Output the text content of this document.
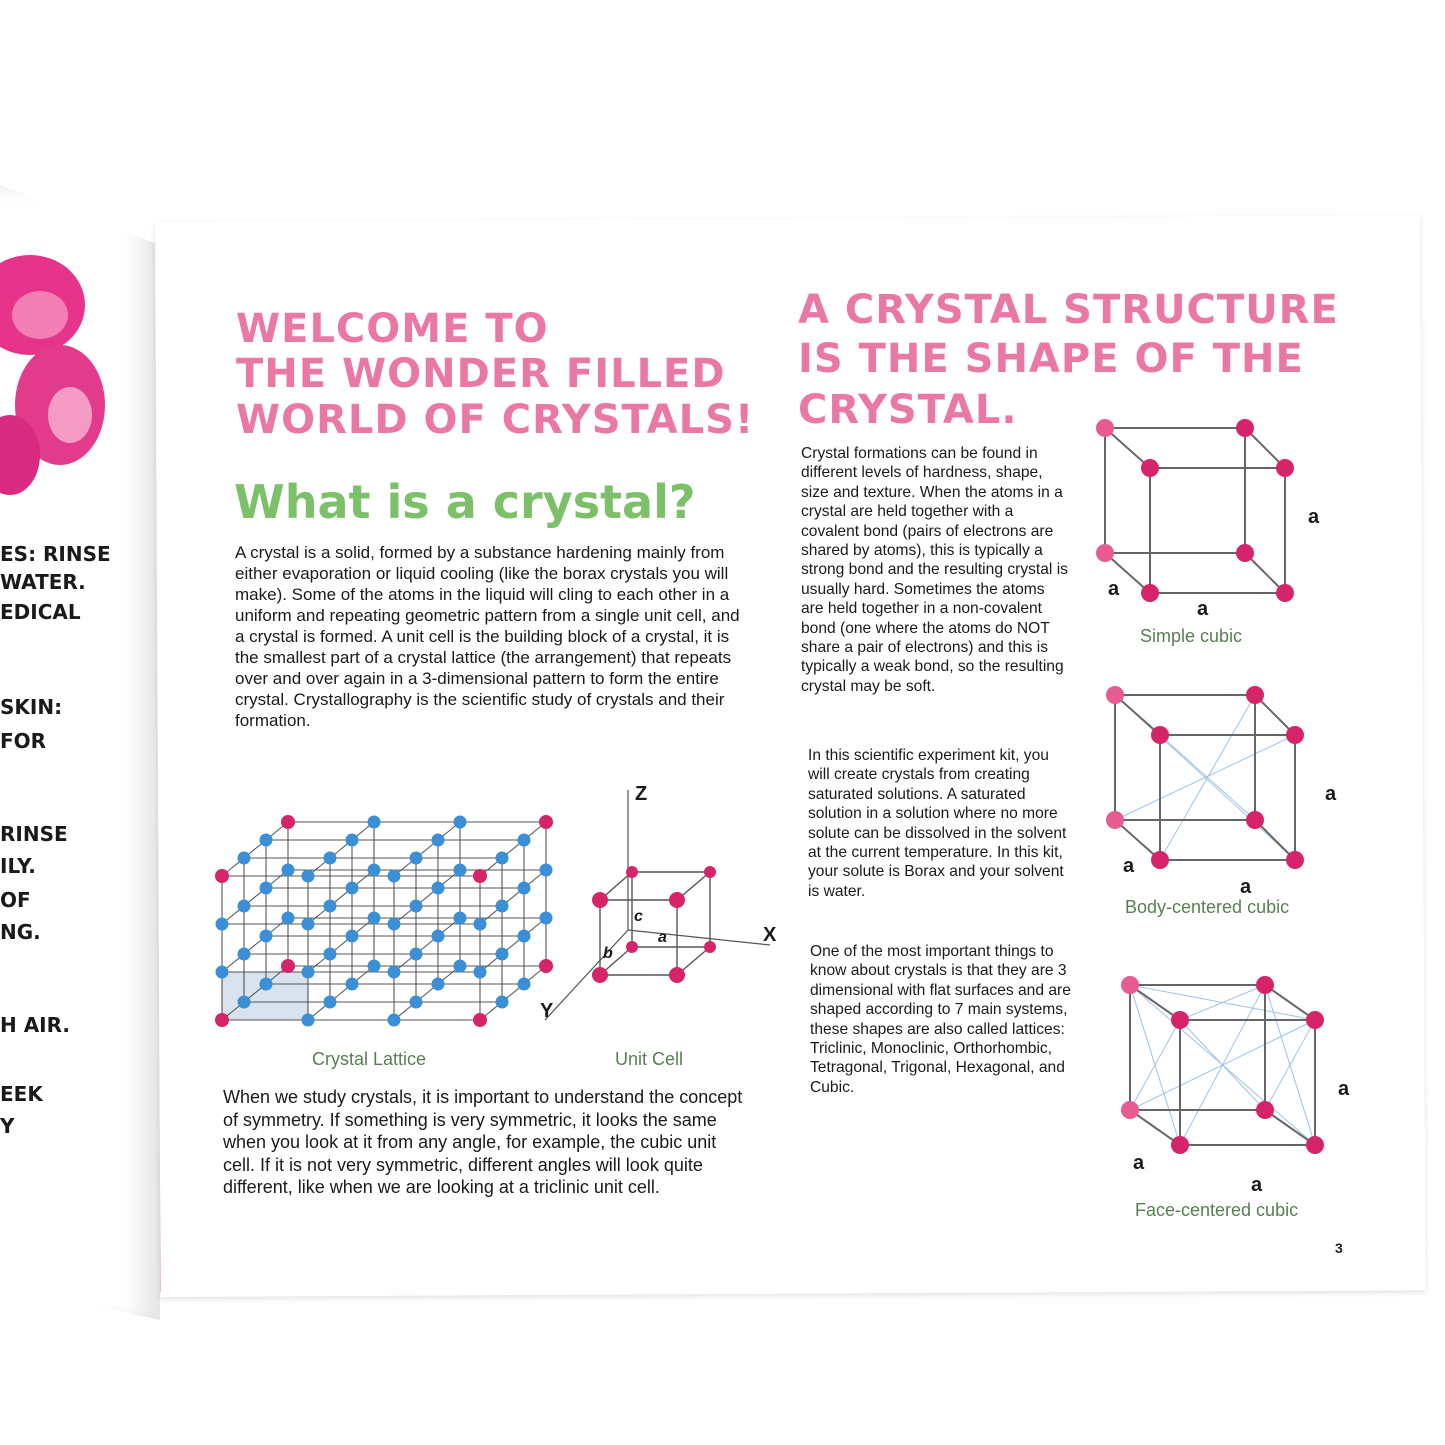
ES: RINSE
WATER.
EDICAL
SKIN:
FOR
RINSE
ILY.
OF
NG.
H AIR.
EEK
Y
WELCOME TO
THE WONDER FILLED
WORLD OF CRYSTALS!
What is a crystal?
A crystal is a solid, formed by a substance hardening mainly from either evaporation or liquid cooling (like the borax crystals you will make). Some of the atoms in the liquid will cling to each other in a uniform and repeating geometric pattern from a single unit cell, and a crystal is formed. A unit cell is the building block of a crystal, it is the smallest part of a crystal lattice (the arrangement) that repeats over and over again in a 3-dimensional pattern to form the entire crystal. Crystallography is the scientific study of crystals and their formation.
Crystal Lattice
Z
X
Y
c
a
b
Unit Cell
When we study crystals, it is important to understand the concept of symmetry. If something is very symmetric, it looks the same when you look at it from any angle, for example, the cubic unit cell. If it is not very symmetric, different angles will look quite different, like when we are looking at a triclinic unit cell.
A CRYSTAL STRUCTURE
IS THE SHAPE OF THE
CRYSTAL.
Crystal formations can be found in different levels of hardness, shape, size and texture. When the atoms in a crystal are held together with a covalent bond (pairs of electrons are shared by atoms), this is typically a strong bond and the resulting crystal is usually hard. Sometimes the atoms are held together in a non-covalent bond (one where the atoms do NOT share a pair of electrons) and this is typically a weak bond, so the resulting crystal may be soft.
In this scientific experiment kit, you will create crystals from creating saturated solutions. A saturated solution in a solution where no more solute can be dissolved in the solvent at the current temperature. In this kit, your solute is Borax and your solvent is water.
One of the most important things to know about crystals is that they are 3 dimensional with flat surfaces and are shaped according to 7 main systems, these shapes are also called lattices: Triclinic, Monoclinic, Orthorhombic, Tetragonal, Trigonal, Hexagonal, and Cubic.
Simple cubic
a
a
a
Body-centered cubic
a
a
a
Face-centered cubic
a
a
a
3
